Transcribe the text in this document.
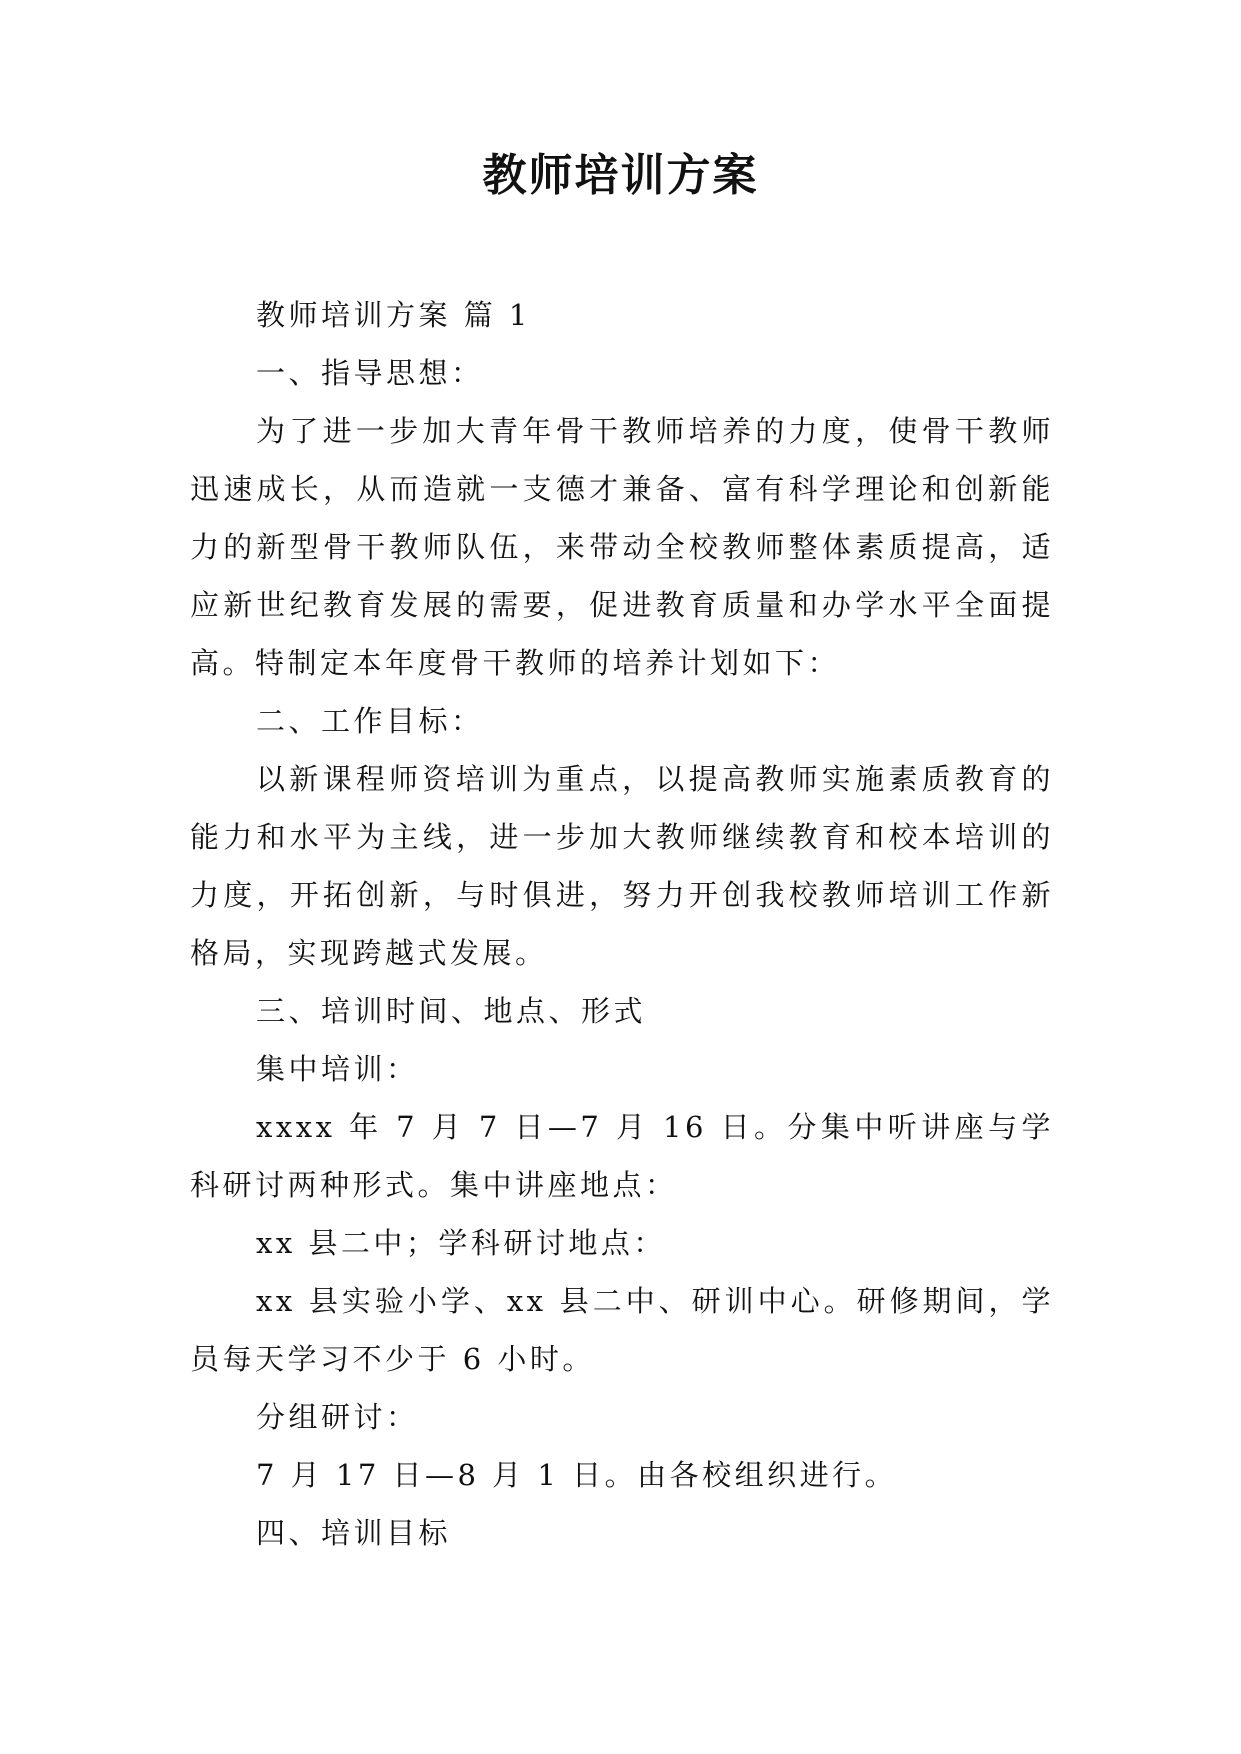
教师培训方案

教师培训方案 篇 1

一、指导思想：

为了进一步加大青年骨干教师培养的力度，使骨干教师迅速成长，从而造就一支德才兼备、富有科学理论和创新能力的新型骨干教师队伍，来带动全校教师整体素质提高，适应新世纪教育发展的需要，促进教育质量和办学水平全面提高。特制定本年度骨干教师的培养计划如下：

二、工作目标：

以新课程师资培训为重点，以提高教师实施素质教育的能力和水平为主线，进一步加大教师继续教育和校本培训的力度，开拓创新，与时俱进，努力开创我校教师培训工作新格局，实现跨越式发展。

三、培训时间、地点、形式

集中培训：

xxxx 年 7 月 7 日—7 月 16 日。分集中听讲座与学科研讨两种形式。集中讲座地点：

xx 县二中；学科研讨地点：

xx 县实验小学、xx 县二中、研训中心。研修期间，学员每天学习不少于 6 小时。

分组研讨：

7 月 17 日—8 月 1 日。由各校组织进行。

四、培训目标
